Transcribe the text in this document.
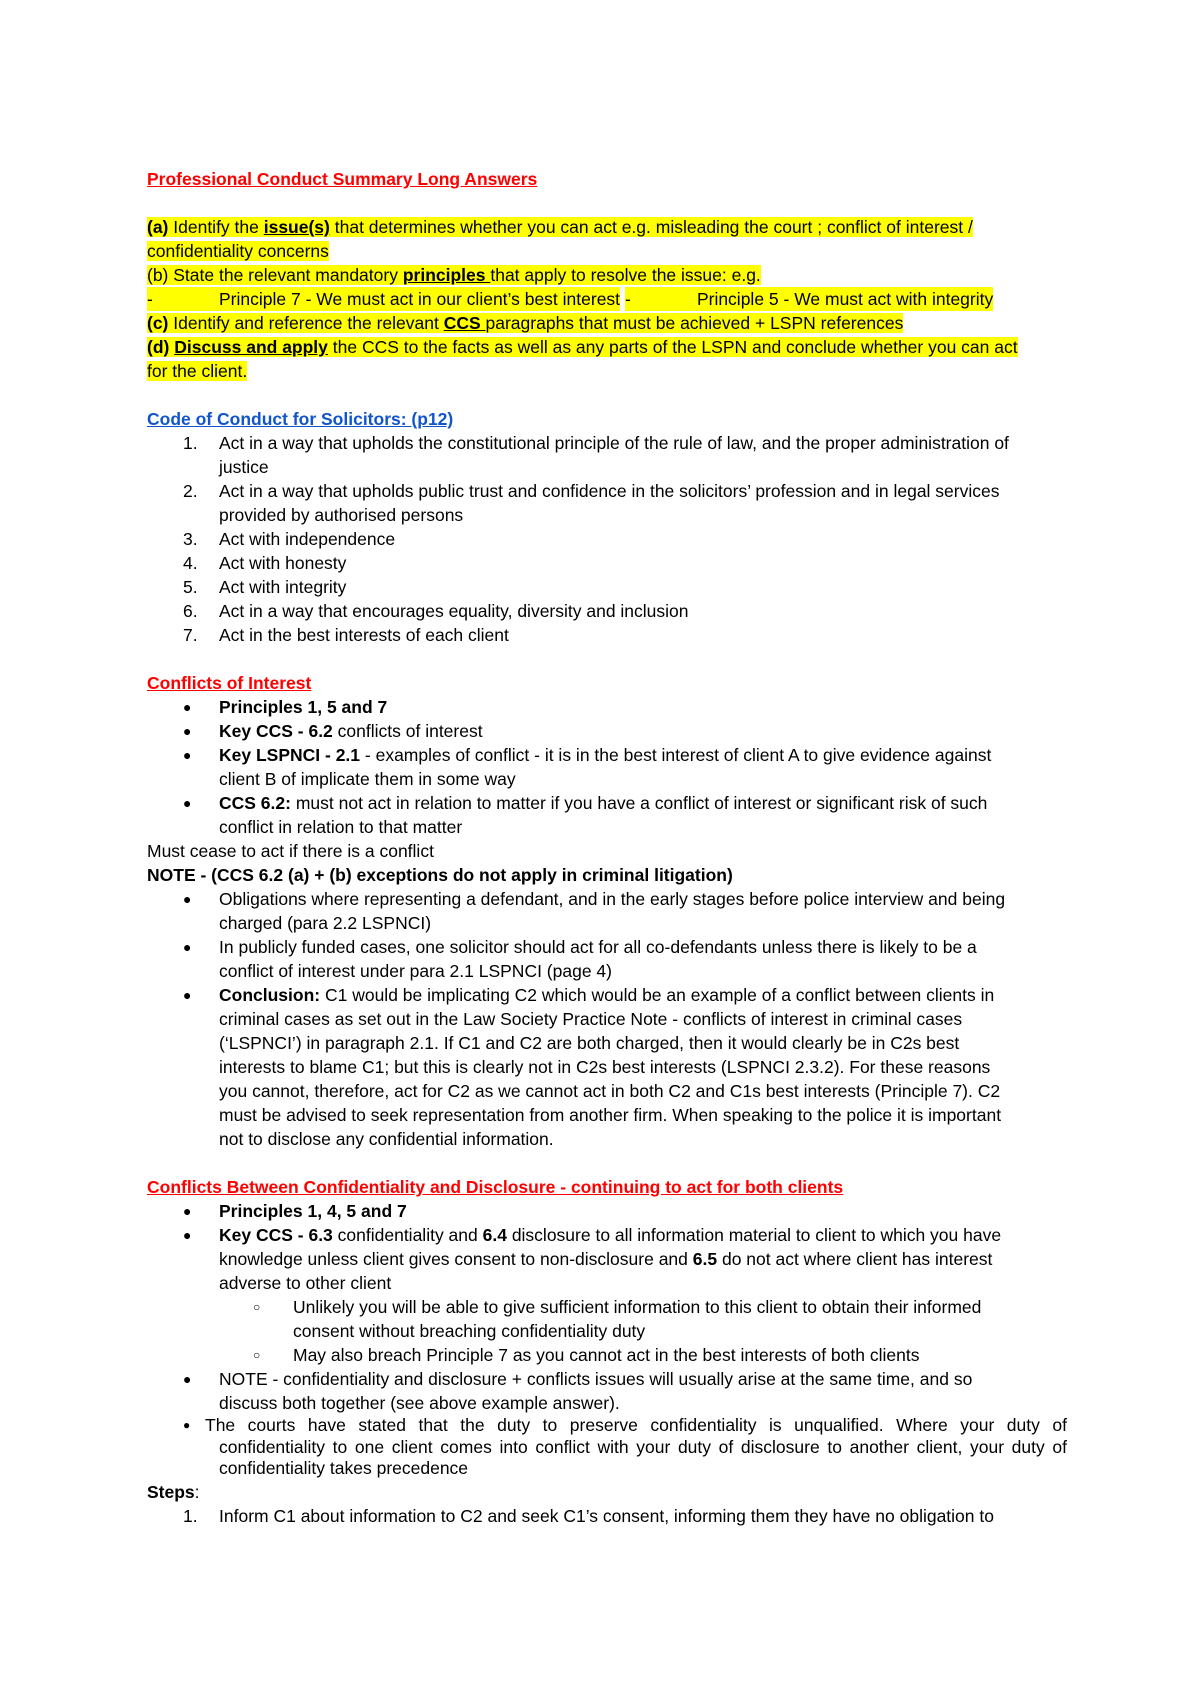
Professional Conduct Summary Long Answers
(a) Identify the issue(s) that determines whether you can act e.g. misleading the court ; conflict of interest /
confidentiality concerns
(b) State the relevant mandatory principles that apply to resolve the issue: e.g.
-	Principle 7 - We must act in our client’s best interest -	Principle 5 - We must act with integrity
(c) Identify and reference the relevant CCS paragraphs that must be achieved + LSPN references
(d) Discuss and apply the CCS to the facts as well as any parts of the LSPN and conclude whether you can act
for the client.
Code of Conduct for Solicitors: (p12)
1.	Act in a way that upholds the constitutional principle of the rule of law, and the proper administration of
justice
2.	Act in a way that upholds public trust and confidence in the solicitors’ profession and in legal services
provided by authorised persons
3.	Act with independence
4.	Act with honesty
5.	Act with integrity
6.	Act in a way that encourages equality, diversity and inclusion
7.	Act in the best interests of each client
Conflicts of Interest
●	Principles 1, 5 and 7
●	Key CCS - 6.2 conflicts of interest
●	Key LSPNCI - 2.1 - examples of conflict - it is in the best interest of client A to give evidence against
client B of implicate them in some way
●	CCS 6.2: must not act in relation to matter if you have a conflict of interest or significant risk of such
conflict in relation to that matter
Must cease to act if there is a conflict
NOTE - (CCS 6.2 (a) + (b) exceptions do not apply in criminal litigation)
●	Obligations where representing a defendant, and in the early stages before police interview and being
charged (para 2.2 LSPNCI)
●	In publicly funded cases, one solicitor should act for all co-defendants unless there is likely to be a
conflict of interest under para 2.1 LSPNCI (page 4)
●	Conclusion: C1 would be implicating C2 which would be an example of a conflict between clients in
criminal cases as set out in the Law Society Practice Note - conflicts of interest in criminal cases
(‘LSPNCI’) in paragraph 2.1. If C1 and C2 are both charged, then it would clearly be in C2s best
interests to blame C1; but this is clearly not in C2s best interests (LSPNCI 2.3.2). For these reasons
you cannot, therefore, act for C2 as we cannot act in both C2 and C1s best interests (Principle 7). C2
must be advised to seek representation from another firm. When speaking to the police it is important
not to disclose any confidential information.
Conflicts Between Confidentiality and Disclosure - continuing to act for both clients
●	Principles 1, 4, 5 and 7
●	Key CCS - 6.3 confidentiality and 6.4 disclosure to all information material to client to which you have
knowledge unless client gives consent to non-disclosure and 6.5 do not act where client has interest
adverse to other client
○ Unlikely you will be able to give sufficient information to this client to obtain their informed
consent without breaching confidentiality duty
○ May also breach Principle 7 as you cannot act in the best interests of both clients
●	NOTE - confidentiality and disclosure + conflicts issues will usually arise at the same time, and so
discuss both together (see above example answer).
● The courts have stated that the duty to preserve confidentiality is unqualified. Where your duty of
confidentiality to one client comes into conflict with your duty of disclosure to another client, your duty of
confidentiality takes precedence
Steps:
1.	Inform C1 about information to C2 and seek C1’s consent, informing them they have no obligation to
